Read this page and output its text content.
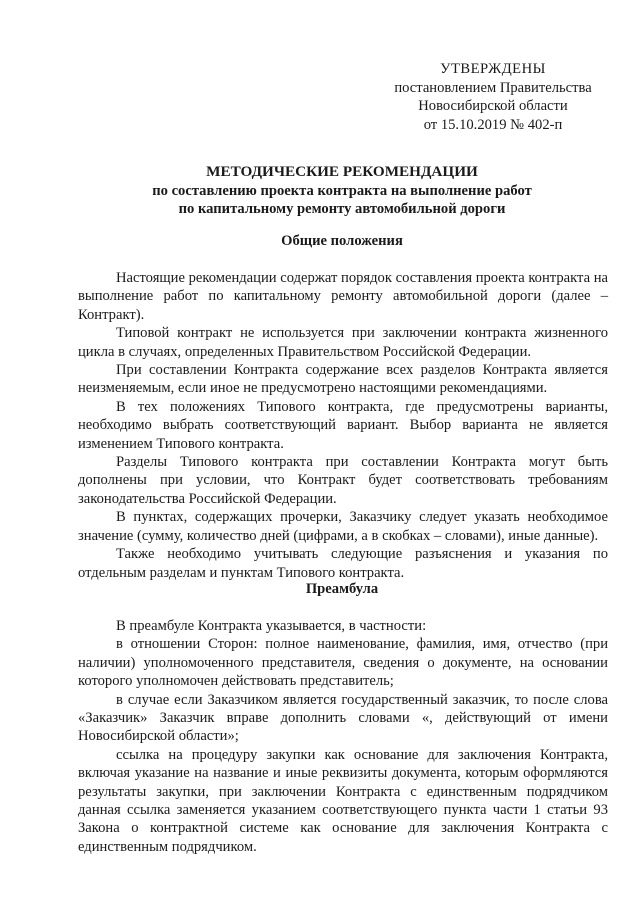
УТВЕРЖДЕНЫ
постановлением Правительства
Новосибирской области
от 15.10.2019 № 402-п
МЕТОДИЧЕСКИЕ РЕКОМЕНДАЦИИ
по составлению проекта контракта на выполнение работ
по капитальному ремонту автомобильной дороги
Общие положения

Настоящие рекомендации содержат порядок составления проекта контракта на выполнение работ по капитальному ремонту автомобильной дороги (далее – Контракт).

Типовой контракт не используется при заключении контракта жизненного цикла в случаях, определенных Правительством Российской Федерации.

При составлении Контракта содержание всех разделов Контракта является неизменяемым, если иное не предусмотрено настоящими рекомендациями.

В тех положениях Типового контракта, где предусмотрены варианты, необходимо выбрать соответствующий вариант. Выбор варианта не является изменением Типового контракта.

Разделы Типового контракта при составлении Контракта могут быть дополнены при условии, что Контракт будет соответствовать требованиям законодательства Российской Федерации.

В пунктах, содержащих прочерки, Заказчику следует указать необходимое значение (сумму, количество дней (цифрами, а в скобках – словами), иные данные).

Также необходимо учитывать следующие разъяснения и указания по отдельным разделам и пунктам Типового контракта.

Преамбула

В преамбуле Контракта указывается, в частности:

в отношении Сторон: полное наименование, фамилия, имя, отчество (при наличии) уполномоченного представителя, сведения о документе, на основании которого уполномочен действовать представитель;

в случае если Заказчиком является государственный заказчик, то после слова «Заказчик» Заказчик вправе дополнить словами «, действующий от имени Новосибирской области»;

ссылка на процедуру закупки как основание для заключения Контракта, включая указание на название и иные реквизиты документа, которым оформляются результаты закупки, при заключении Контракта с единственным подрядчиком данная ссылка заменяется указанием соответствующего пункта части 1 статьи 93 Закона о контрактной системе как основание для заключения Контракта с единственным подрядчиком.
